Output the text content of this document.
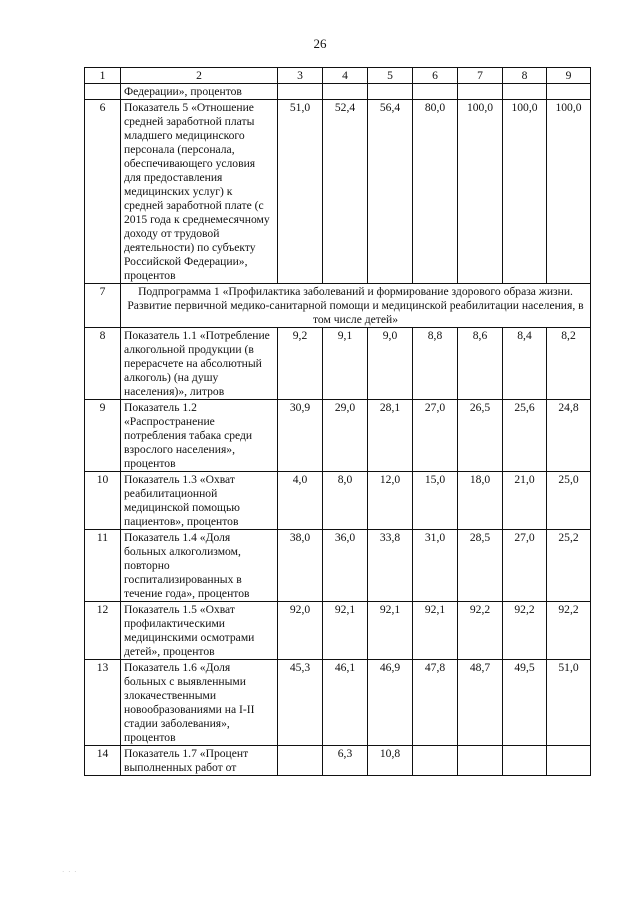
26
1	2	3	4	5	6	7	8	9
	Федерации», процентов							
6	Показатель 5 «Отношение средней заработной платы младшего медицинского персонала (персонала, обеспечивающего условия для предоставления медицинских услуг) к средней заработной плате (с 2015 года к среднемесячному доходу от трудовой деятельности) по субъекту Российской Федерации», процентов	51,0	52,4	56,4	80,0	100,0	100,0	100,0
7	Подпрограмма 1 «Профилактика заболеваний и формирование здорового образа жизни. Развитие первичной медико-санитарной помощи и медицинской реабилитации населения, в том числе детей»							
8	Показатель 1.1 «Потребление алкогольной продукции (в перерасчете на абсолютный алкоголь) (на душу населения)», литров	9,2	9,1	9,0	8,8	8,6	8,4	8,2
9	Показатель 1.2 «Распространение потребления табака среди взрослого населения», процентов	30,9	29,0	28,1	27,0	26,5	25,6	24,8
10	Показатель 1.3 «Охват реабилитационной медицинской помощью пациентов», процентов	4,0	8,0	12,0	15,0	18,0	21,0	25,0
11	Показатель 1.4 «Доля больных алкоголизмом, повторно госпитализированных в течение года», процентов	38,0	36,0	33,8	31,0	28,5	27,0	25,2
12	Показатель 1.5 «Охват профилактическими медицинскими осмотрами детей», процентов	92,0	92,1	92,1	92,1	92,2	92,2	92,2
13	Показатель 1.6 «Доля больных с выявленными злокачественными новообразованиями на I-II стадии заболевания», процентов	45,3	46,1	46,9	47,8	48,7	49,5	51,0
14	Показатель 1.7 «Процент выполненных работ от		6,3	10,8				
· · ·
